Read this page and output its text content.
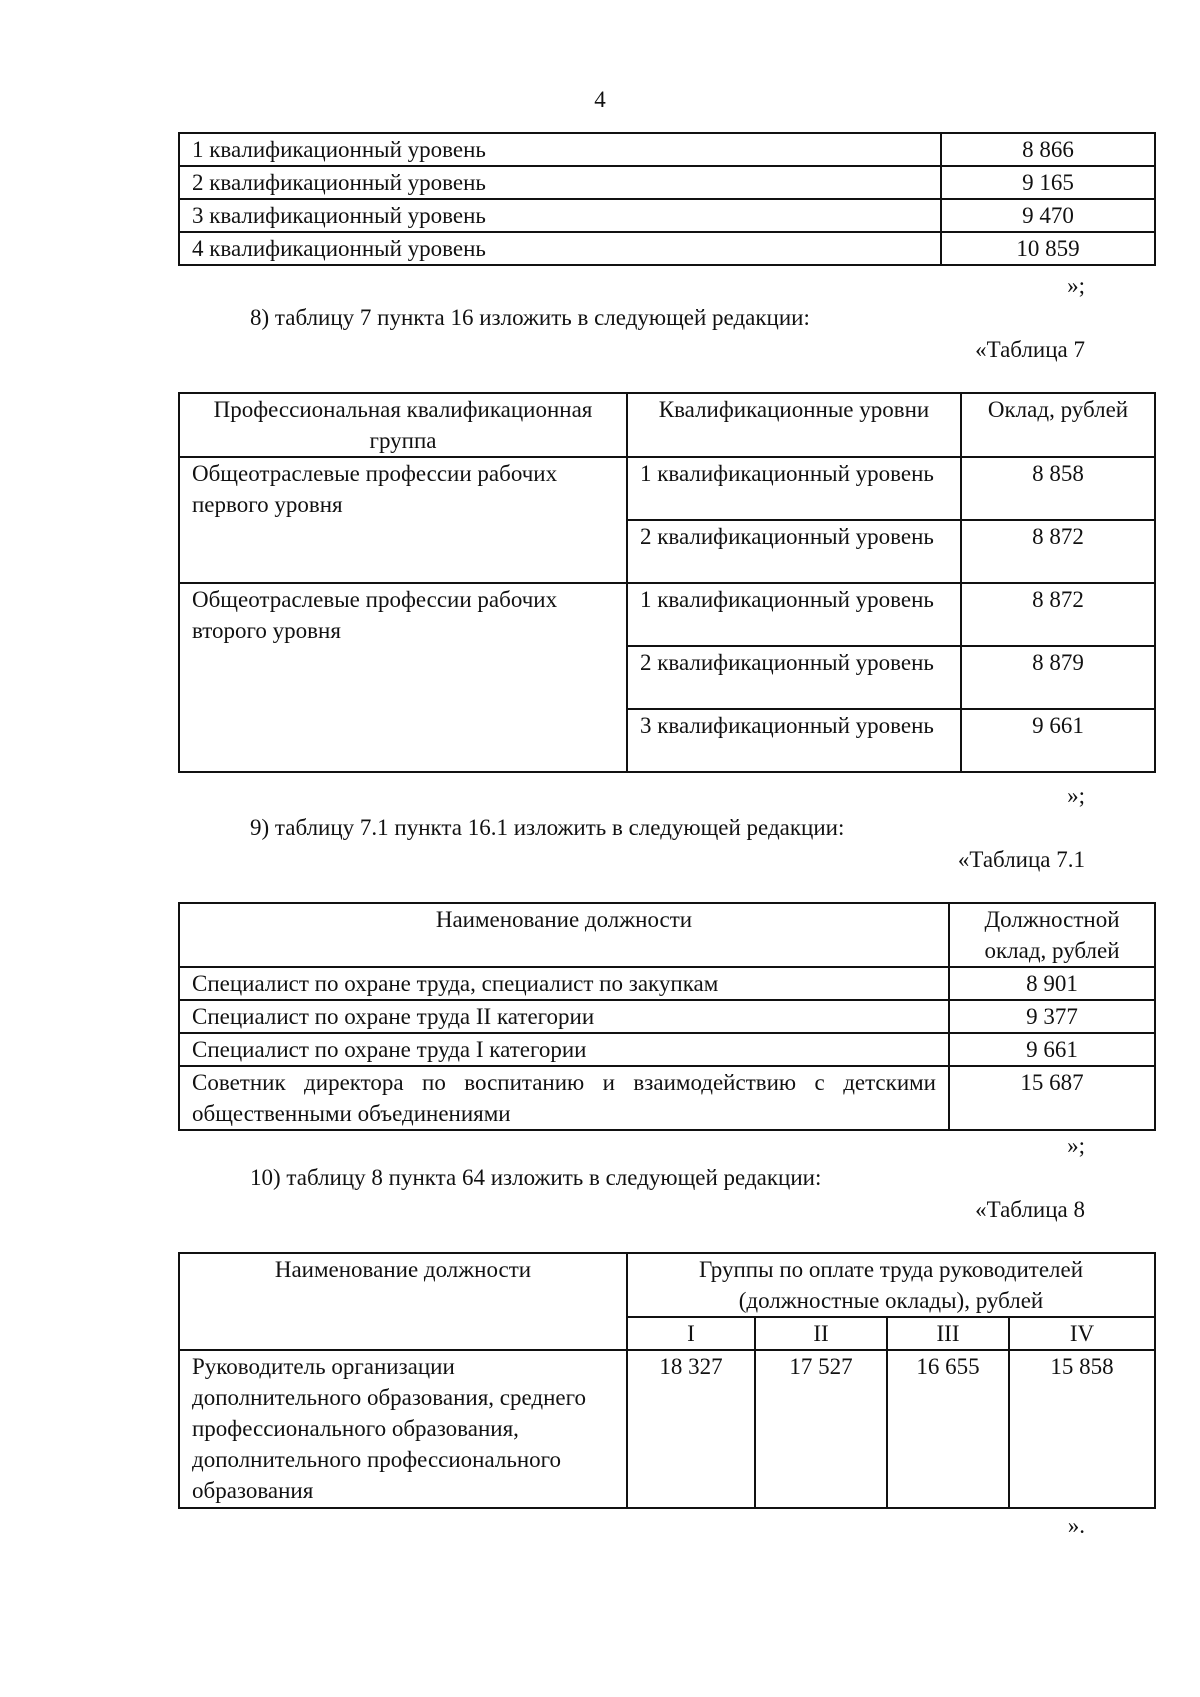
4
1 квалификационный уровень	8 866
2 квалификационный уровень	9 165
3 квалификационный уровень	9 470
4 квалификационный уровень	10 859
»;
8) таблицу 7 пункта 16 изложить в следующей редакции:
«Таблица 7
Профессиональная квалификационная группа	Квалификационные уровни	Оклад, рублей
Общеотраслевые профессии рабочих первого уровня	1 квалификационный уровень	8 858
	2 квалификационный уровень	8 872
Общеотраслевые профессии рабочих второго уровня	1 квалификационный уровень	8 872
	2 квалификационный уровень	8 879
	3 квалификационный уровень	9 661
»;
9) таблицу 7.1 пункта 16.1 изложить в следующей редакции:
«Таблица 7.1
Наименование должности	Должностной оклад, рублей
Специалист по охране труда, специалист по закупкам	8 901
Специалист по охране труда II категории	9 377
Специалист по охране труда I категории	9 661
Советник директора по воспитанию и взаимодействию с детскими общественными объединениями	15 687
»;
10) таблицу 8 пункта 64 изложить в следующей редакции:
«Таблица 8
Наименование должности	Группы по оплате труда руководителей (должностные оклады), рублей			
	I	II	III	IV
Руководитель организации дополнительного образования, среднего профессионального образования, дополнительного профессионального образования	18 327	17 527	16 655	15 858
».
